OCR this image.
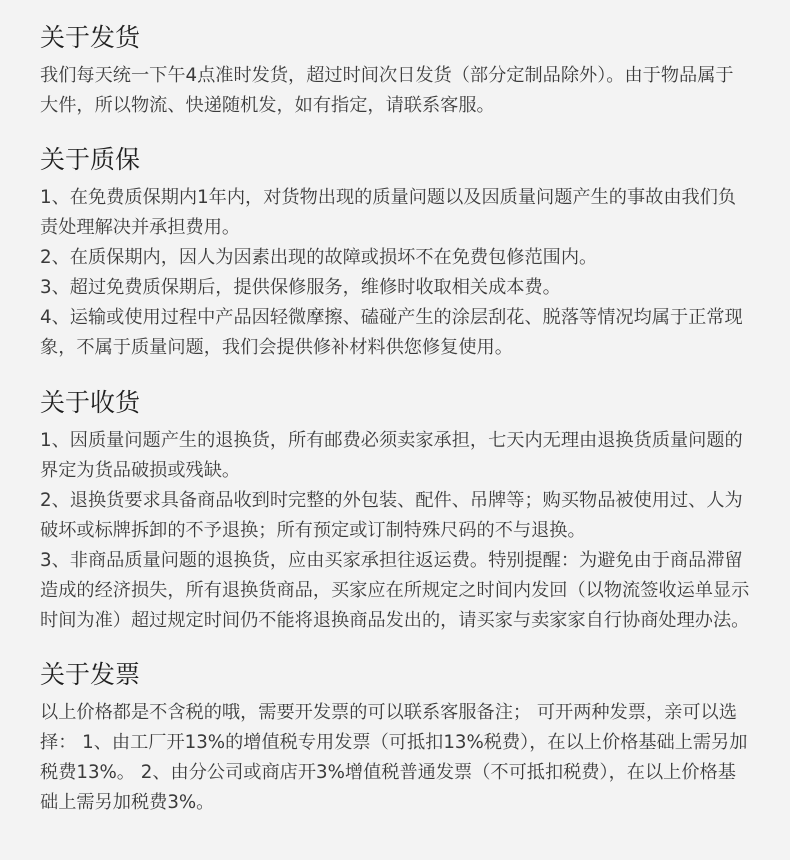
关于发货

我们每天统一下午4点准时发货，超过时间次日发货（部分定制品除外）。由于物品属于大件，所以物流、快递随机发，如有指定，请联系客服。

关于质保

1、在免费质保期内1年内，对货物出现的质量问题以及因质量问题产生的事故由我们负责处理解决并承担费用。

2、在质保期内，因人为因素出现的故障或损坏不在免费包修范围内。

3、超过免费质保期后，提供保修服务，维修时收取相关成本费。

4、运输或使用过程中产品因轻微摩擦、磕碰产生的涂层刮花、脱落等情况均属于正常现象，不属于质量问题，我们会提供修补材料供您修复使用。

关于收货

1、因质量问题产生的退换货，所有邮费必须卖家承担，七天内无理由退换货质量问题的界定为货品破损或残缺。

2、退换货要求具备商品收到时完整的外包装、配件、吊牌等；购买物品被使用过、人为破坏或标牌拆卸的不予退换；所有预定或订制特殊尺码的不与退换。

3、非商品质量问题的退换货，应由买家承担往返运费。特别提醒：为避免由于商品滞留造成的经济损失，所有退换货商品，买家应在所规定之时间内发回（以物流签收运单显示时间为准）超过规定时间仍不能将退换商品发出的，请买家与卖家家自行协商处理办法。

关于发票

以上价格都是不含税的哦，需要开发票的可以联系客服备注； 可开两种发票，亲可以选择： 1、由工厂开13%的增值税专用发票（可抵扣13%税费），在以上价格基础上需另加税费13%。 2、由分公司或商店开3%增值税普通发票（不可抵扣税费），在以上价格基础上需另加税费3%。
